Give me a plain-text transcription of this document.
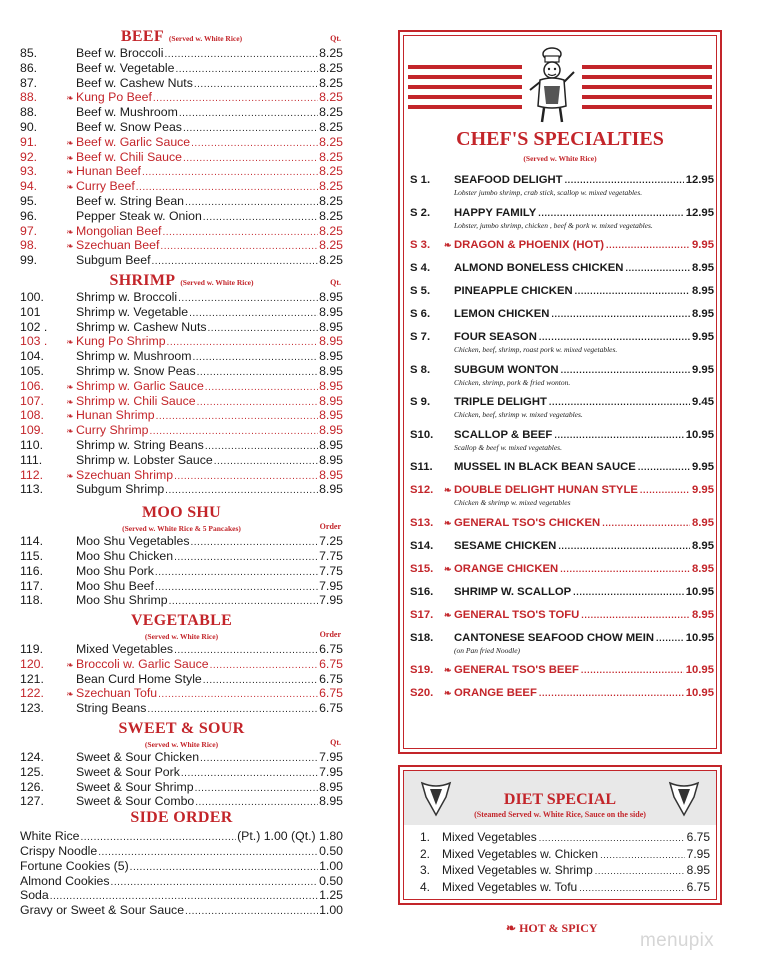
BEEF (Served w. White Rice)	Qt.
85.	Beef w. Broccoli .....	8.25
86.	Beef w. Vegetable .....	8.25
87.	Beef w. Cashew Nuts .....	8.25
88.	❧ Kung Po Beef .....	8.25
88.	Beef w. Mushroom .....	8.25
90.	Beef w. Snow Peas .....	8.25
91.	❧ Beef w. Garlic Sauce .....	8.25
92.	❧ Beef w. Chili Sauce .....	8.25
93.	❧ Hunan Beef .....	8.25
94.	❧ Curry Beef .....	8.25
95.	Beef w. String Bean .....	8.25
96.	Pepper Steak w. Onion .....	8.25
97.	❧ Mongolian Beef .....	8.25
98.	❧ Szechuan Beef .....	8.25
99.	Subgum Beef .....	8.25
SHRIMP (Served w. White Rice)	Qt.
100.	Shrimp w. Broccoli .....	8.95
101	Shrimp w. Vegetable .....	8.95
102 .	Shrimp w. Cashew Nuts .....	8.95
103 .	❧ Kung Po Shrimp .....	8.95
104.	Shrimp w. Mushroom .....	8.95
105.	Shrimp w. Snow Peas .....	8.95
106.	❧ Shrimp w. Garlic Sauce .....	8.95
107.	❧ Shrimp w. Chili Sauce .....	8.95
108.	❧ Hunan Shrimp .....	8.95
109.	❧ Curry Shrimp .....	8.95
110.	Shrimp w. String Beans .....	8.95
111.	Shrimp w. Lobster Sauce .....	8.95
112.	❧ Szechuan Shrimp .....	8.95
113.	Subgum Shrimp .....	8.95
MOO SHU
(Served w. White Rice & 5 Pancakes)	Order
114.	Moo Shu Vegetables .....	7.25
115.	Moo Shu Chicken .....	7.75
116.	Moo Shu Pork .....	7.75
117.	Moo Shu Beef .....	7.95
118.	Moo Shu Shrimp .....	7.95
VEGETABLE
(Served w. White Rice)	Order
119.	Mixed Vegetables .....	6.75
120.	❧ Broccoli w. Garlic Sauce .....	6.75
121.	Bean Curd Home Style .....	6.75
122.	❧ Szechuan Tofu .....	6.75
123.	String Beans .....	6.75
SWEET & SOUR
(Served w. White Rice)	Qt.
124.	Sweet & Sour Chicken .....	7.95
125.	Sweet & Sour Pork .....	7.95
126.	Sweet & Sour Shrimp .....	8.95
127.	Sweet & Sour Combo .....	8.95
SIDE ORDER
White Rice .....	(Pt.) 1.00 (Qt.) 1.80
Crispy Noodle .....	0.50
Fortune Cookies (5) .....	1.00
Almond Cookies .....	0.50
Soda .....	1.25
Gravy or Sweet & Sour Sauce .....	1.00
CHEF'S SPECIALTIES
(Served w. White Rice)
S 1.	SEAFOOD DELIGHT .....	12.95
Lobster jumbo shrimp, crab stick, scallop w. mixed vegetables.
S 2.	HAPPY FAMILY .....	12.95
Lobster, jumbo shrimp, chicken , beef & pork w. mixed vegetables.
S 3.	❧ DRAGON & PHOENIX (HOT) .....	9.95
S 4.	ALMOND BONELESS CHICKEN .....	8.95
S 5.	PINEAPPLE CHICKEN .....	8.95
S 6.	LEMON CHICKEN .....	8.95
S 7.	FOUR SEASON .....	9.95
Chicken, beef, shrimp, roast pork w. mixed vegetables.
S 8.	SUBGUM WONTON .....	9.95
Chicken, shrimp, pork & fried wonton.
S 9.	TRIPLE DELIGHT .....	9.45
Chicken, beef, shrimp w. mixed vegetables.
S10.	SCALLOP & BEEF .....	10.95
Scallop & beef w. mixed vegetables.
S11.	MUSSEL IN BLACK BEAN SAUCE .....	9.95
S12.	❧ DOUBLE DELIGHT HUNAN STYLE .....	9.95
Chicken & shrimp w. mixed vegetables
S13.	❧ GENERAL TSO'S CHICKEN .....	8.95
S14.	SESAME CHICKEN .....	8.95
S15.	❧ ORANGE CHICKEN .....	8.95
S16.	SHRIMP W. SCALLOP .....	10.95
S17.	❧ GENERAL TSO'S TOFU .....	8.95
S18.	CANTONESE SEAFOOD CHOW MEIN .....	10.95
(on Pan fried Noodle)
S19.	❧ GENERAL TSO'S BEEF .....	10.95
S20.	❧ ORANGE BEEF .....	10.95
DIET SPECIAL
(Steamed Served w. White Rice, Sauce on the side)
1. Mixed Vegetables .....	6.75
2. Mixed Vegetables w. Chicken .....	7.95
3. Mixed Vegetables w. Shrimp .....	8.95
4. Mixed Vegetables w. Tofu .....	6.75
❧ HOT & SPICY
menupix
